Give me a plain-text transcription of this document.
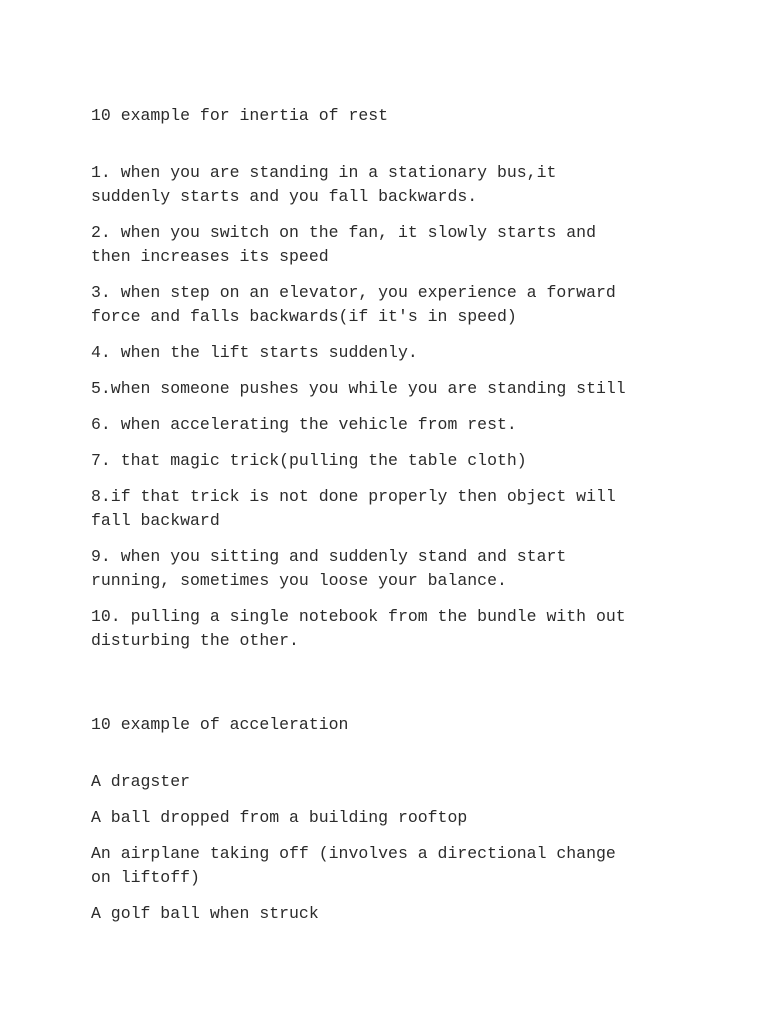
10 example for inertia of rest

1. when you are standing in a stationary bus,it
suddenly starts and you fall backwards.

2. when you switch on the fan, it slowly starts and
then increases its speed

3. when step on an elevator, you experience a forward
force and falls backwards(if it's in speed)

4. when the lift starts suddenly.

5.when someone pushes you while you are standing still

6. when accelerating the vehicle from rest.

7. that magic trick(pulling the table cloth)

8.if that trick is not done properly then object will
fall backward

9. when you sitting and suddenly stand and start
running, sometimes you loose your balance.

10. pulling a single notebook from the bundle with out
disturbing the other.

10 example of acceleration

A dragster

A ball dropped from a building rooftop

An airplane taking off (involves a directional change
on liftoff)

A golf ball when struck
